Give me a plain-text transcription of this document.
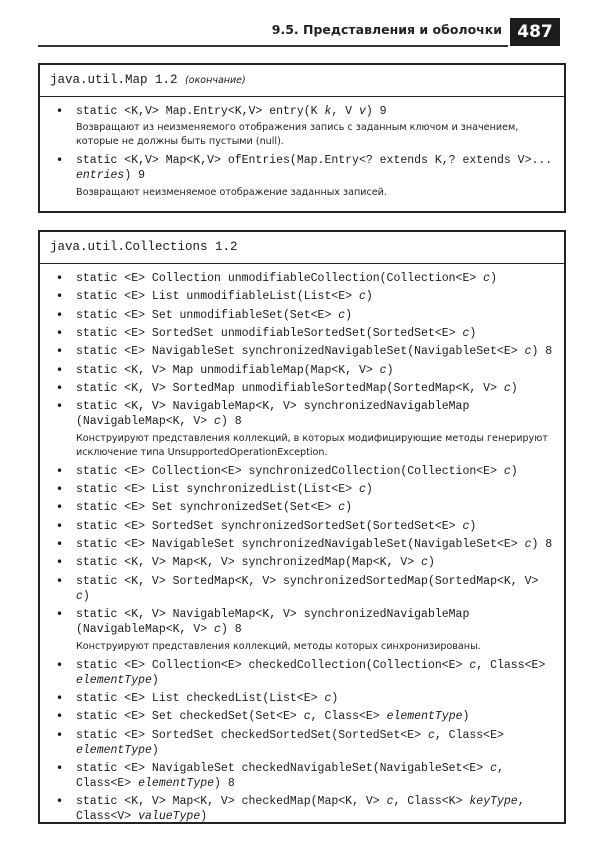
9.5. Представления и оболочки 487
java.util.Map 1.2 (окончание)
• static <K,V> Map.Entry<K,V> entry(K k, V v) 9
Возвращают из неизменяемого отображения запись с заданным ключом и значением, которые не должны быть пустыми (null).
• static <K,V> Map<K,V> ofEntries(Map.Entry<? extends K,? extends V>... entries) 9
Возвращают неизменяемое отображение заданных записей.
java.util.Collections 1.2
• static <E> Collection unmodifiableCollection(Collection<E> c)
• static <E> List unmodifiableList(List<E> c)
• static <E> Set unmodifiableSet(Set<E> c)
• static <E> SortedSet unmodifiableSortedSet(SortedSet<E> c)
• static <E> NavigableSet synchronizedNavigableSet(NavigableSet<E> c) 8
• static <K, V> Map unmodifiableMap(Map<K, V> c)
• static <K, V> SortedMap unmodifiableSortedMap(SortedMap<K, V> c)
• static <K, V> NavigableMap<K, V> synchronizedNavigableMap (NavigableMap<K, V> c) 8
Конструируют представления коллекций, в которых модифицирующие методы генерируют исключение типа UnsupportedOperationException.
• static <E> Collection<E> synchronizedCollection(Collection<E> c)
• static <E> List synchronizedList(List<E> c)
• static <E> Set synchronizedSet(Set<E> c)
• static <E> SortedSet synchronizedSortedSet(SortedSet<E> c)
• static <E> NavigableSet synchronizedNavigableSet(NavigableSet<E> c) 8
• static <K, V> Map<K, V> synchronizedMap(Map<K, V> c)
• static <K, V> SortedMap<K, V> synchronizedSortedMap(SortedMap<K, V> c)
• static <K, V> NavigableMap<K, V> synchronizedNavigableMap (NavigableMap<K, V> c) 8
Конструируют представления коллекций, методы которых синхронизированы.
• static <E> Collection<E> checkedCollection(Collection<E> c, Class<E> elementType)
• static <E> List checkedList(List<E> c)
• static <E> Set checkedSet(Set<E> c, Class<E> elementType)
• static <E> SortedSet checkedSortedSet(SortedSet<E> c, Class<E> elementType)
• static <E> NavigableSet checkedNavigableSet(NavigableSet<E> c, Class<E> elementType) 8
• static <K, V> Map<K, V> checkedMap(Map<K, V> c, Class<K> keyType, Class<V> valueType)
